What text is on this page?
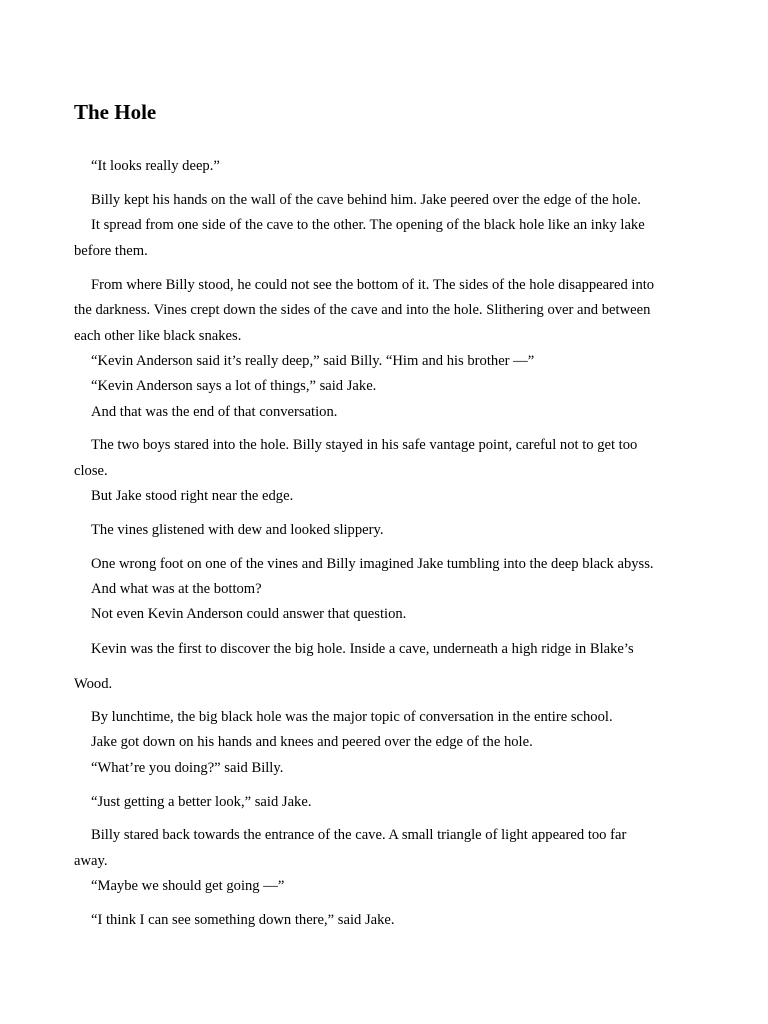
The Hole
“It looks really deep.”
Billy kept his hands on the wall of the cave behind him. Jake peered over the edge of the hole.
It spread from one side of the cave to the other. The opening of the black hole like an inky lake
before them.
From where Billy stood, he could not see the bottom of it. The sides of the hole disappeared into
the darkness. Vines crept down the sides of the cave and into the hole. Slithering over and between
each other like black snakes.
“Kevin Anderson said it’s really deep,” said Billy. “Him and his brother —”
“Kevin Anderson says a lot of things,” said Jake.
And that was the end of that conversation.
The two boys stared into the hole. Billy stayed in his safe vantage point, careful not to get too
close.
But Jake stood right near the edge.
The vines glistened with dew and looked slippery.
One wrong foot on one of the vines and Billy imagined Jake tumbling into the deep black abyss.
And what was at the bottom?
Not even Kevin Anderson could answer that question.
Kevin was the first to discover the big hole. Inside a cave, underneath a high ridge in Blake’s
Wood.
By lunchtime, the big black hole was the major topic of conversation in the entire school.
Jake got down on his hands and knees and peered over the edge of the hole.
“What’re you doing?” said Billy.
“Just getting a better look,” said Jake.
Billy stared back towards the entrance of the cave. A small triangle of light appeared too far
away.
“Maybe we should get going —”
“I think I can see something down there,” said Jake.
